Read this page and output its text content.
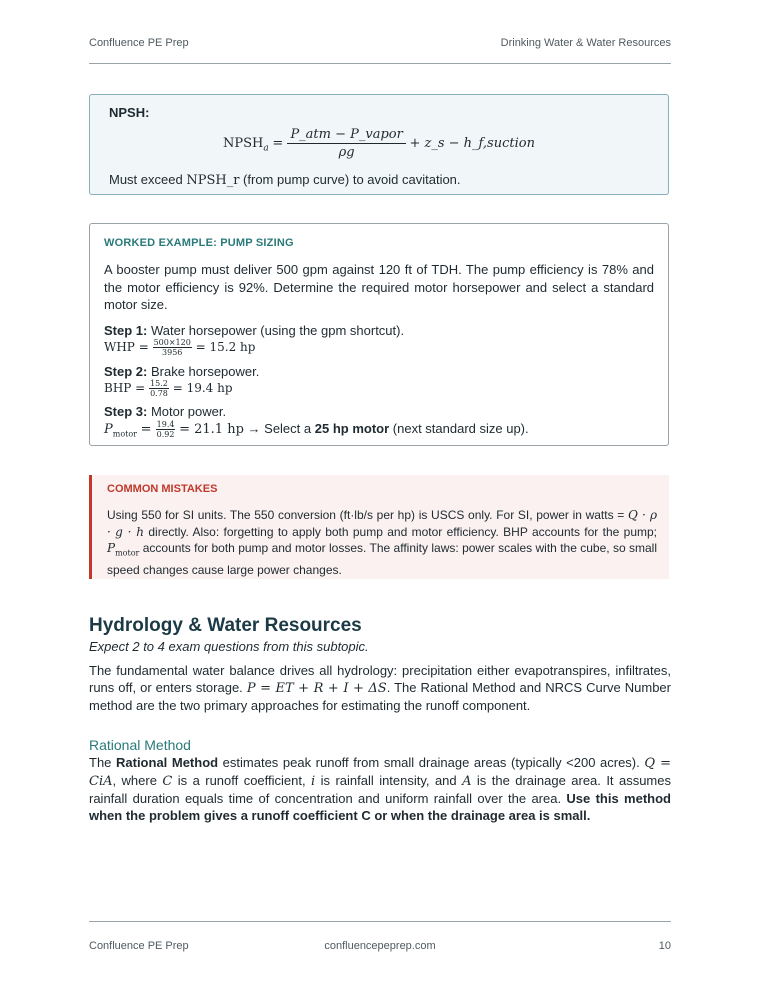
Confluence PE Prep	Drinking Water & Water Resources
NPSH:
$NPSH_a = \frac{\text{P\_atm − P\_vapor}}{\rho g}$ + z_s − h_f,suction
Must exceed NPSH_r (from pump curve) to avoid cavitation.
WORKED EXAMPLE: PUMP SIZING
A booster pump must deliver 500 gpm against 120 ft of TDH. The pump efficiency is 78% and the motor efficiency is 92%. Determine the required motor horsepower and select a standard motor size.
Step 1: Water horsepower (using the gpm shortcut).
WHP = $\frac{500\times 120}{3956} = 15.2$ hp
Step 2: Brake horsepower.
BHP = $\frac{15.2}{0.78} = 19.4$ hp
Step 3: Motor power.
$P_{motor} = \frac{19.4}{0.92} = 21.1$ hp → Select a 25 hp motor (next standard size up).
COMMON MISTAKES
Using 550 for SI units. The 550 conversion (ft·lb/s per hp) is USCS only. For SI, power in watts = Q · ρ · g · h directly. Also: forgetting to apply both pump and motor efficiency. BHP accounts for the pump; $P_{motor}$ accounts for both pump and motor losses. The affinity laws: power scales with the cube, so small speed changes cause large power changes.
Hydrology & Water Resources
Expect 2 to 4 exam questions from this subtopic.
The fundamental water balance drives all hydrology: precipitation either evapotranspires, infiltrates, runs off, or enters storage. P = ET + R + I + ΔS. The Rational Method and NRCS Curve Number method are the two primary approaches for estimating the runoff component.
Rational Method
The Rational Method estimates peak runoff from small drainage areas (typically <200 acres). Q = CiA, where C is a runoff coefficient, i is rainfall intensity, and A is the drainage area. It assumes rainfall duration equals time of concentration and uniform rainfall over the area. Use this method when the problem gives a runoff coefficient C or when the drainage area is small.
Confluence PE Prep	confluencepeprep.com	10
